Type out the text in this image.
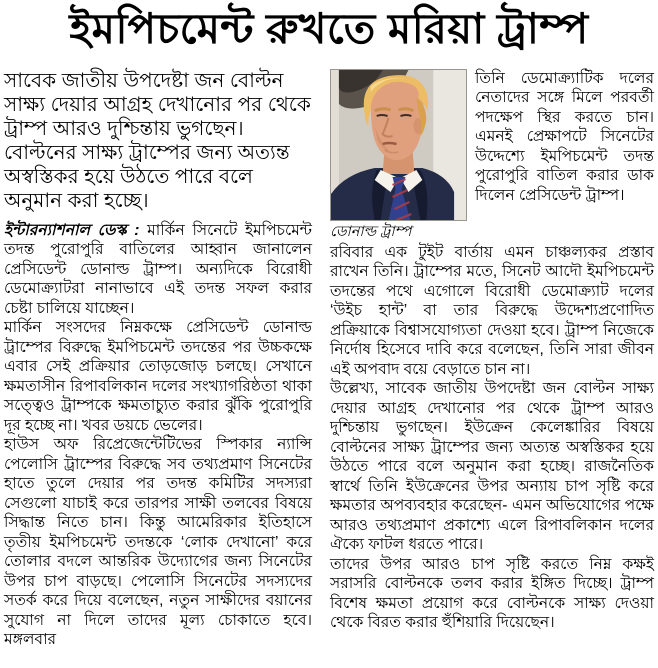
ইমপিচমেন্ট রুখতে মরিয়া ট্রাম্প

সাবেক জাতীয় উপদেষ্টা জন বোল্টন সাক্ষ্য দেয়ার আগ্রহ দেখানোর পর থেকে ট্রাম্প আরও দুশ্চিন্তায় ভুগছেন। বোল্টনের সাক্ষ্য ট্রাম্পের জন্য অত্যন্ত অস্বস্তিকর হয়ে উঠতে পারে বলে অনুমান করা হচ্ছে।

ইন্টারন্যাশনাল ডেস্ক : মার্কিন সিনেটে ইমপিচমেন্ট তদন্ত পুরোপুরি বাতিলের আহ্বান জানালেন প্রেসিডেন্ট ডোনাল্ড ট্রাম্প। অন্যদিকে বিরোধী ডেমোক্র্যাটরা নানাভাবে এই তদন্ত সফল করার চেষ্টা চালিয়ে যাচ্ছেন।

মার্কিন সংসদের নিম্নকক্ষে প্রেসিডেন্ট ডোনাল্ড ট্রাম্পের বিরুদ্ধে ইমপিচমেন্ট তদন্তের পর উচ্চকক্ষে এবার সেই প্রক্রিয়ার তোড়জোড় চলছে। সেখানে ক্ষমতাসীন রিপাবলিকান দলের সংখ্যাগরিষ্ঠতা থাকা সত্ত্বেও ট্রাম্পকে ক্ষমতাচ্যুত করার ঝুঁকি পুরোপুরি দূর হচ্ছে না। খবর ডয়চে ভেলের।

হাউস অফ রিপ্রেজেন্টেটিভের স্পিকার ন্যান্সি পেলোসি ট্রাম্পের বিরুদ্ধে সব তথ্যপ্রমাণ সিনেটের হাতে তুলে দেয়ার পর তদন্ত কমিটির সদস্যরা সেগুলো যাচাই করে তারপর সাক্ষী তলবের বিষয়ে সিদ্ধান্ত নিতে চান। কিন্তু আমেরিকার ইতিহাসে তৃতীয় ইমপিচমেন্ট তদন্তকে ‘লোক দেখানো’ করে তোলার বদলে আন্তরিক উদ্যোগের জন্য সিনেটের উপর চাপ বাড়ছে। পেলোসি সিনেটের সদস্যদের সতর্ক করে দিয়ে বলেছেন, নতুন সাক্ষীদের বয়ানের সুযোগ না দিলে তাদের মূল্য চোকাতে হবে। মঙ্গলবার

ডোনাল্ড ট্রাম্প

তিনি ডেমোক্র্যাটিক দলের নেতাদের সঙ্গে মিলে পরবর্তী পদক্ষেপ স্থির করতে চান। এমনই প্রেক্ষাপটে সিনেটের উদ্দেশ্যে ইমপিচমেন্ট তদন্ত পুরোপুরি বাতিল করার ডাক দিলেন প্রেসিডেন্ট ট্রাম্প।

রবিবার এক টুইট বার্তায় এমন চাঞ্চল্যকর প্রস্তাব রাখেন তিনি। ট্রাম্পের মতে, সিনেট আদৌ ইমপিচমেন্ট তদন্তের পথে এগোলে বিরোধী ডেমোক্র্যাট দলের ‘উইচ হান্ট’ বা তার বিরুদ্ধে উদ্দেশ্যপ্রণোদিত প্রক্রিয়াকে বিশ্বাসযোগ্যতা দেওয়া হবে। ট্রাম্প নিজেকে নির্দোষ হিসেবে দাবি করে বলেছেন, তিনি সারা জীবন এই অপবাদ বয়ে বেড়াতে চান না।

উল্লেখ্য, সাবেক জাতীয় উপদেষ্টা জন বোল্টন সাক্ষ্য দেয়ার আগ্রহ দেখানোর পর থেকে ট্রাম্প আরও দুশ্চিন্তায় ভুগছেন। ইউক্রেন কেলেঙ্কারির বিষয়ে বোল্টনের সাক্ষ্য ট্রাম্পের জন্য অত্যন্ত অস্বস্তিকর হয়ে উঠতে পারে বলে অনুমান করা হচ্ছে। রাজনৈতিক স্বার্থে তিনি ইউক্রেনের উপর অন্যায় চাপ সৃষ্টি করে ক্ষমতার অপব্যবহার করেছেন- এমন অভিযোগের পক্ষে আরও তথ্যপ্রমাণ প্রকাশ্যে এলে রিপাবলিকান দলের ঐক্যে ফাটল ধরতে পারে।

তাদের উপর আরও চাপ সৃষ্টি করতে নিম্ন কক্ষই সরাসরি বোল্টনকে তলব করার ইঙ্গিত দিচ্ছে। ট্রাম্প বিশেষ ক্ষমতা প্রয়োগ করে বোল্টনকে সাক্ষ্য দেওয়া থেকে বিরত করার হুঁশিয়ারি দিয়েছেন।
